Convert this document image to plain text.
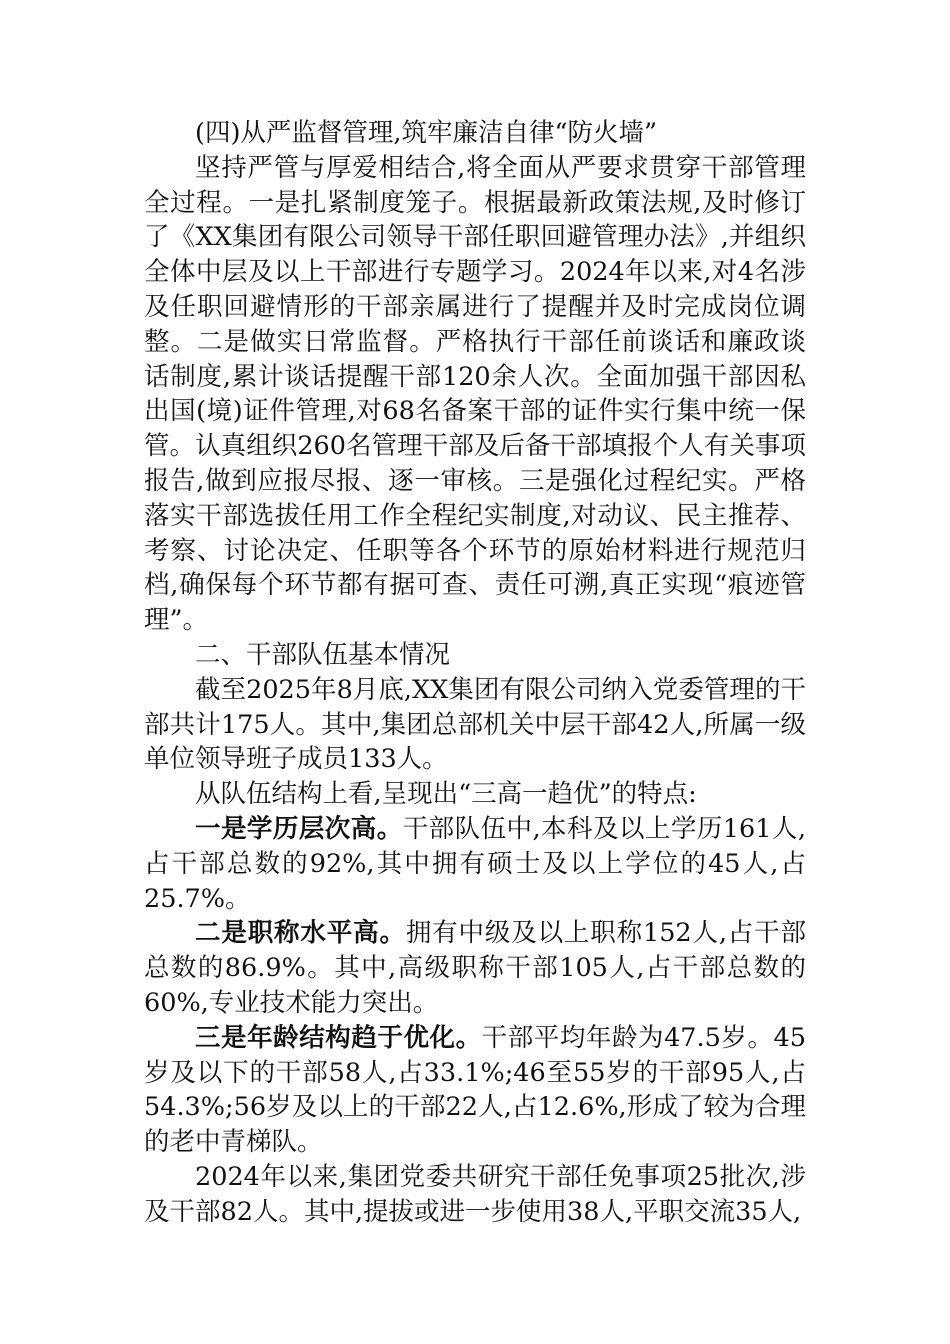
(四)从严监督管理,筑牢廉洁自律“防火墙”

坚持严管与厚爱相结合,将全面从严要求贯穿干部管理全过程。一是扎紧制度笼子。根据最新政策法规,及时修订了《XX集团有限公司领导干部任职回避管理办法》,并组织全体中层及以上干部进行专题学习。2024年以来,对4名涉及任职回避情形的干部亲属进行了提醒并及时完成岗位调整。二是做实日常监督。严格执行干部任前谈话和廉政谈话制度,累计谈话提醒干部120余人次。全面加强干部因私出国(境)证件管理,对68名备案干部的证件实行集中统一保管。认真组织260名管理干部及后备干部填报个人有关事项报告,做到应报尽报、逐一审核。三是强化过程纪实。严格落实干部选拔任用工作全程纪实制度,对动议、民主推荐、考察、讨论决定、任职等各个环节的原始材料进行规范归档,确保每个环节都有据可查、责任可溯,真正实现“痕迹管理”。

二、干部队伍基本情况

截至2025年8月底,XX集团有限公司纳入党委管理的干部共计175人。其中,集团总部机关中层干部42人,所属一级单位领导班子成员133人。

从队伍结构上看,呈现出“三高一趋优”的特点:

一是学历层次高。干部队伍中,本科及以上学历161人,占干部总数的92%,其中拥有硕士及以上学位的45人,占25.7%。

二是职称水平高。拥有中级及以上职称152人,占干部总数的86.9%。其中,高级职称干部105人,占干部总数的60%,专业技术能力突出。

三是年龄结构趋于优化。干部平均年龄为47.5岁。45岁及以下的干部58人,占33.1%;46至55岁的干部95人,占54.3%;56岁及以上的干部22人,占12.6%,形成了较为合理的老中青梯队。

2024年以来,集团党委共研究干部任免事项25批次,涉及干部82人。其中,提拔或进一步使用38人,平职交流35人,
